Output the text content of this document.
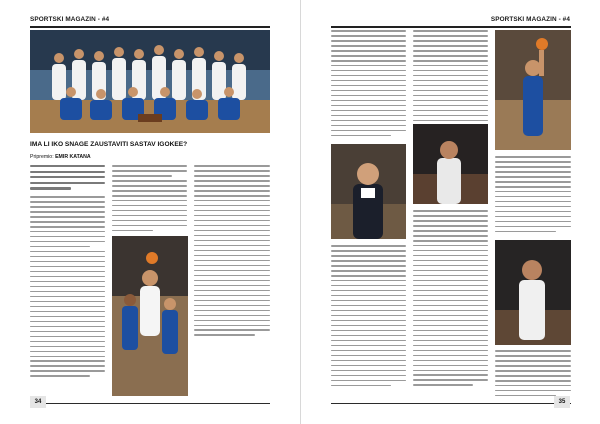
SPORTSKI MAGAZIN - #4
IMA LI IKO SNAGE ZAUSTAVITI SASTAV IGOKEE?
Pripremio: EMIR KATANA
34
SPORTSKI MAGAZIN - #4
35
